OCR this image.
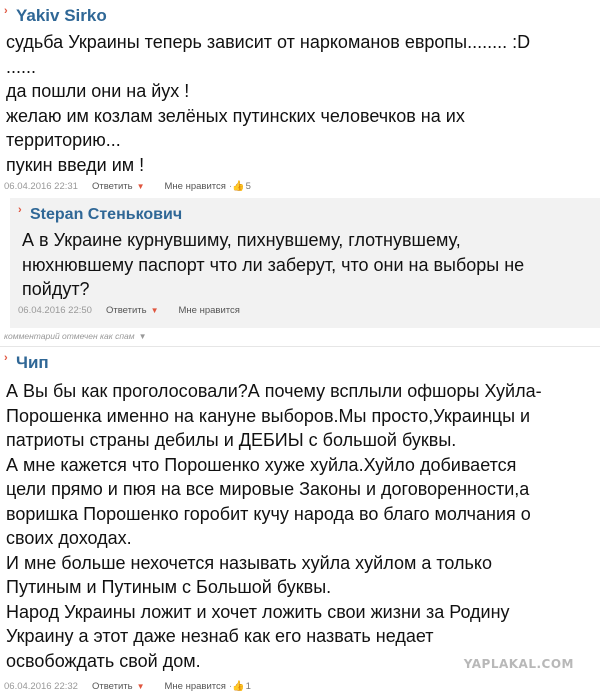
› Yakiv Sirko

судьба Украины теперь зависит от наркоманов европы........ :D
......
да пошли они на йух !
желаю им козлам зелёных путинских человечков на их
территорию...
пукин введи им !

06.04.2016 22:31 Ответить ▼ Мне нравится ·👍 5
› Stepan Стенькович

А в Украине курнувшиму, пихнувшему, глотнувшему,
нюхнювшему паспорт что ли заберут, что они на выборы не
пойдут?

06.04.2016 22:50 Ответить ▼ Мне нравится
комментарий отмечен как спам ▼
› Чип

А Вы бы как проголосовали?А почему всплыли офшоры Хуйла-
Порошенка именно на кануне выборов.Мы просто,Украинцы и
патриоты страны дебилы и ДЕБИЫ с большой буквы.
А мне кажется что Порошенко хуже хуйла.Хуйло добивается
цели прямо и пюя на все мировые Законы и договоренности,а
воришка Порошенко горобит кучу народа во благо молчания о
своих доходах.
И мне больше нехочется называть хуйла хуйлом а только
Путиным и Путиным с Большой буквы.
Народ Украины ложит и хочет ложить свои жизни за Родину
Украину а этот даже незнаб как его назвать недает
освобождать свой дом.

06.04.2016 22:32 Ответить ▼ Мне нравится ·👍 1
YAPLAKAL.COM
